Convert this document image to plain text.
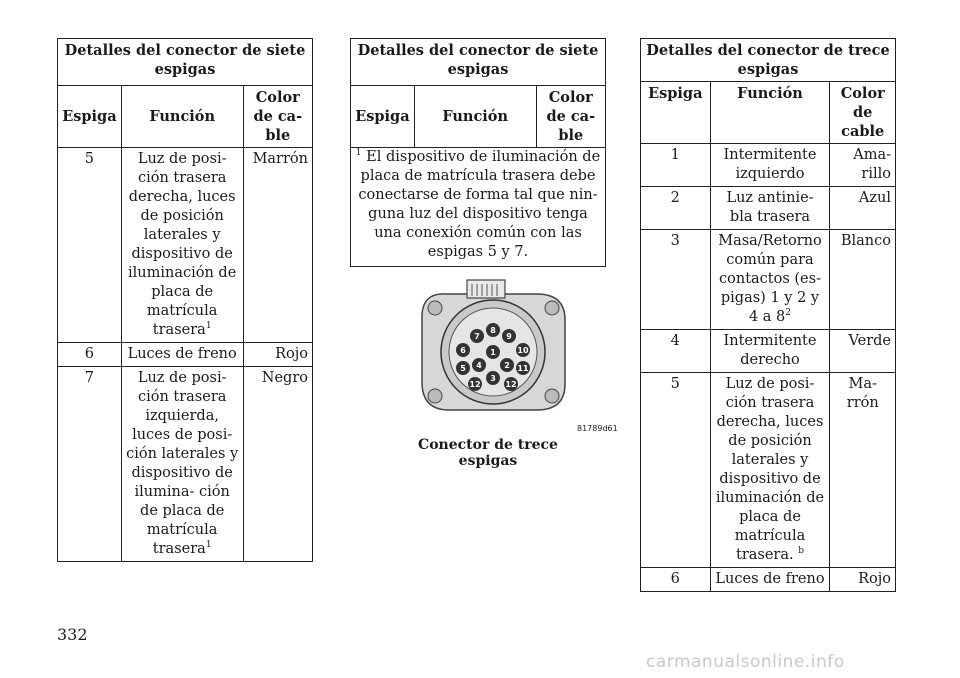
Detalles del conector de siete espigas		
Espiga	Función	Color de ca- ble
5	Luz de posi- ción trasera derecha, luces de posición laterales y dispositivo de iluminación de placa de matrícula trasera$^1$	Marrón
6	Luces de freno	Rojo
7	Luz de posi- ción trasera izquierda, luces de posi- ción laterales y dispositivo de ilumina- ción de placa de matrícula trasera$^1$	Negro
Detalles del conector de siete espigas
Espiga	Función	Color de ca- ble
$^1$ El dispositivo de iluminación de placa de matrícula trasera debe conectarse de forma tal que nin- guna luz del dispositivo tenga una conexión común con las espigas 5 y 7.
1
2
3
4
5
6
7
8
9
10
11
12	12
81789d61
Conector de trece espigas
Detalles del conector de trece espigas		
Espiga	Función	Color de cable
1	Intermitente izquierdo	Ama- rillo
2	Luz antinie- bla trasera	Azul
3	Masa/Retorno común para contactos (es- pigas) 1 y 2 y 4 a $8^2$	Blanco
4	Intermitente derecho	Verde
5	Luz de posi- ción trasera derecha, luces de posición laterales y dispositivo de iluminación de placa de matrícula trasera. $^b$	Ma- rrón
6	Luces de freno	Rojo
332
carmanualsonline.info
